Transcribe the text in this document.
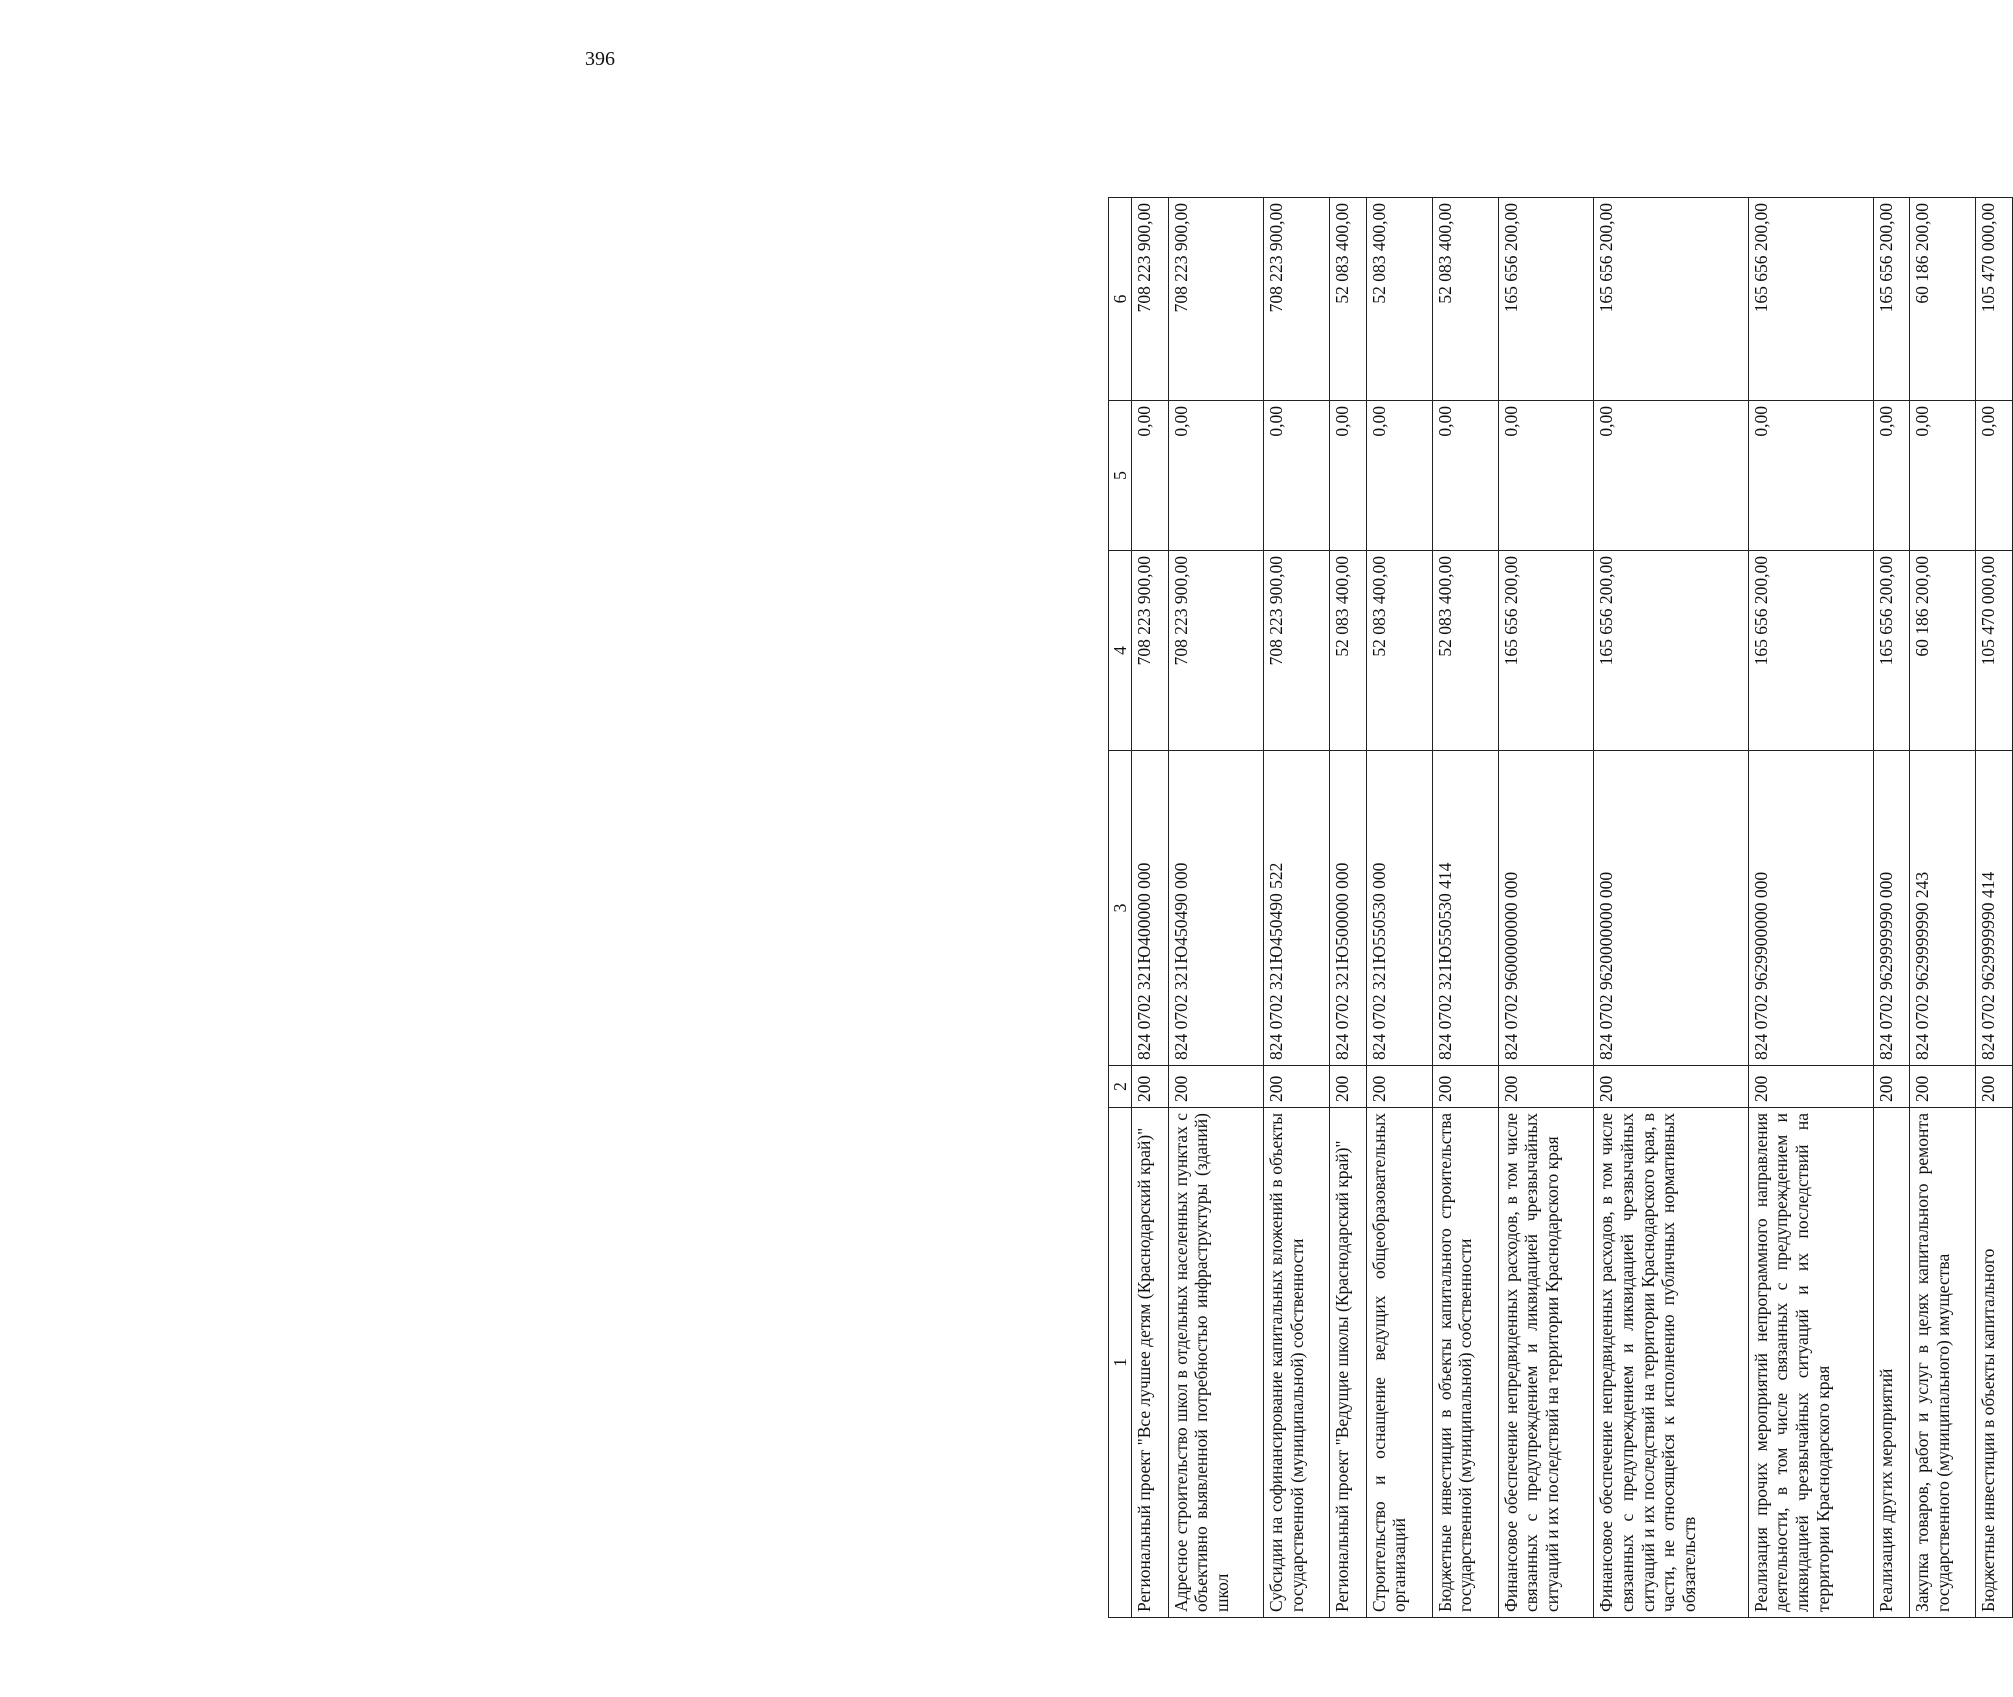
396
1	2	3	4	5	6
Региональный проект "Все лучшее детям (Краснодарский край)"	200	824 0702 321Ю400000 000	708 223 900,00	0,00	708 223 900,00
Адресное строительство школ в отдельных населенных пунктах с объективно выявленной потребностью инфраструктуры (зданий) школ	200	824 0702 321Ю450490 000	708 223 900,00	0,00	708 223 900,00
Субсидии на софинансирование капитальных вложений в объекты государственной (муниципальной) собственности	200	824 0702 321Ю450490 522	708 223 900,00	0,00	708 223 900,00
Региональный проект "Ведущие школы (Краснодарский край)"	200	824 0702 321Ю500000 000	52 083 400,00	0,00	52 083 400,00
Строительство и оснащение ведущих общеобразовательных организаций	200	824 0702 321Ю550530 000	52 083 400,00	0,00	52 083 400,00
Бюджетные инвестиции в объекты капитального строительства государственной (муниципальной) собственности	200	824 0702 321Ю550530 414	52 083 400,00	0,00	52 083 400,00
Финансовое обеспечение непредвиденных расходов, в том числе связанных с предупреждением и ликвидацией чрезвычайных ситуаций и их последствий на территории Краснодарского края	200	824 0702 9600000000 000	165 656 200,00	0,00	165 656 200,00
Финансовое обеспечение непредвиденных расходов, в том числе связанных с предупреждением и ликвидацией чрезвычайных ситуаций и их последствий на территории Краснодарского края, в части, не относящейся к исполнению публичных нормативных обязательств	200	824 0702 9620000000 000	165 656 200,00	0,00	165 656 200,00
Реализация прочих мероприятий непрограммного направления деятельности, в том числе связанных с предупреждением и ликвидацией чрезвычайных ситуаций и их последствий на территории Краснодарского края	200	824 0702 9629900000 000	165 656 200,00	0,00	165 656 200,00
Реализация других мероприятий	200	824 0702 9629999990 000	165 656 200,00	0,00	165 656 200,00
Закупка товаров, работ и услуг в целях капитального ремонта государственного (муниципального) имущества	200	824 0702 9629999990 243	60 186 200,00	0,00	60 186 200,00
Бюджетные инвестиции в объекты капитального	200	824 0702 9629999990 414	105 470 000,00	0,00	105 470 000,00
